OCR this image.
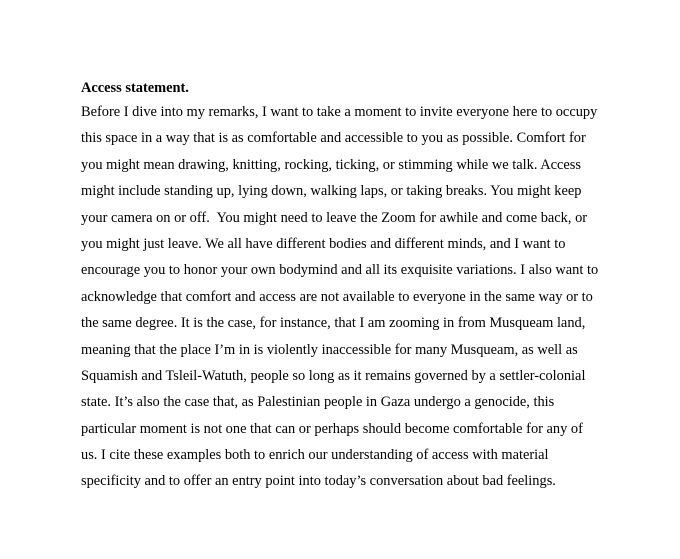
Access statement.
Before I dive into my remarks, I want to take a moment to invite everyone here to occupy
this space in a way that is as comfortable and accessible to you as possible. Comfort for
you might mean drawing, knitting, rocking, ticking, or stimming while we talk. Access
might include standing up, lying down, walking laps, or taking breaks. You might keep
your camera on or off.  You might need to leave the Zoom for awhile and come back, or
you might just leave. We all have different bodies and different minds, and I want to
encourage you to honor your own bodymind and all its exquisite variations. I also want to
acknowledge that comfort and access are not available to everyone in the same way or to
the same degree. It is the case, for instance, that I am zooming in from Musqueam land,
meaning that the place I’m in is violently inaccessible for many Musqueam, as well as
Squamish and Tsleil-Watuth, people so long as it remains governed by a settler-colonial
state. It’s also the case that, as Palestinian people in Gaza undergo a genocide, this
particular moment is not one that can or perhaps should become comfortable for any of
us. I cite these examples both to enrich our understanding of access with material
specificity and to offer an entry point into today’s conversation about bad feelings.
